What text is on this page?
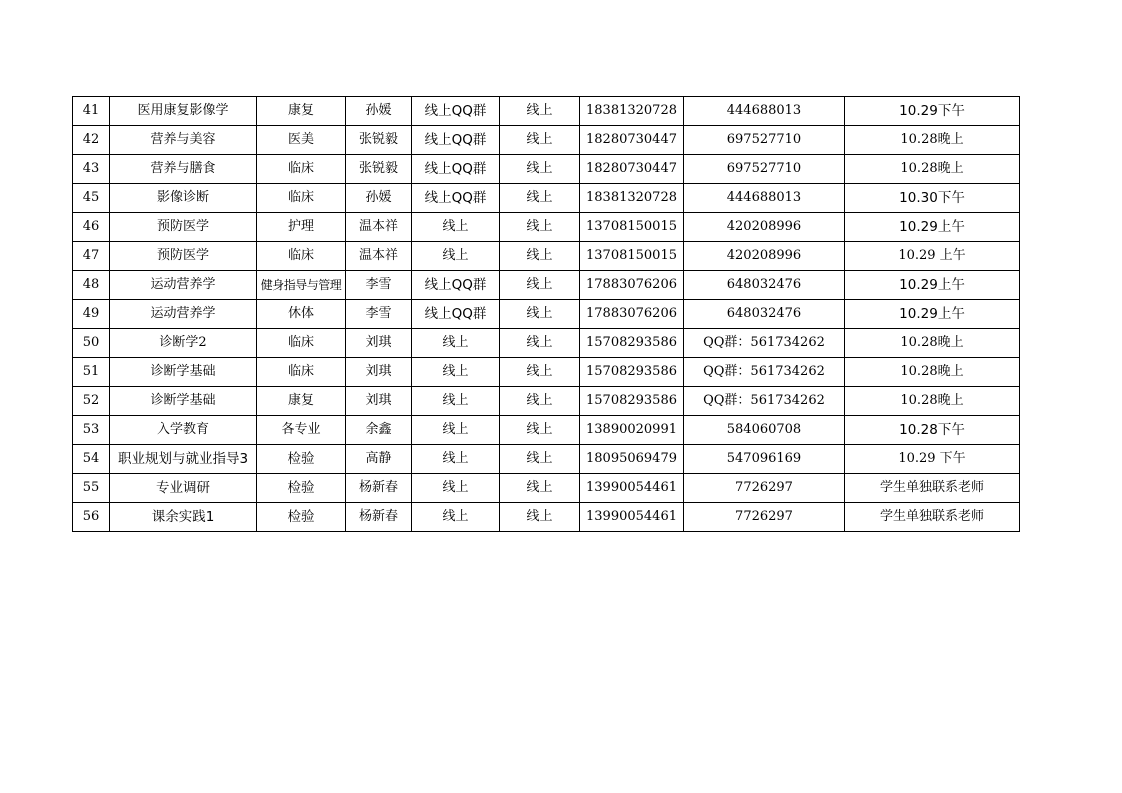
41	医用康复影像学	康复	孙媛	线上QQ群	线上	18381320728	444688013	10.29下午
42	营养与美容	医美	张锐毅	线上QQ群	线上	18280730447	697527710	10.28晚上
43	营养与膳食	临床	张锐毅	线上QQ群	线上	18280730447	697527710	10.28晚上
45	影像诊断	临床	孙媛	线上QQ群	线上	18381320728	444688013	10.30下午
46	预防医学	护理	温本祥	线上	线上	13708150015	420208996	10.29上午
47	预防医学	临床	温本祥	线上	线上	13708150015	420208996	10.29 上午
48	运动营养学	健身指导与管理	李雪	线上QQ群	线上	17883076206	648032476	10.29上午
49	运动营养学	休体	李雪	线上QQ群	线上	17883076206	648032476	10.29上午
50	诊断学2	临床	刘琪	线上	线上	15708293586	QQ群：561734262	10.28晚上
51	诊断学基础	临床	刘琪	线上	线上	15708293586	QQ群：561734262	10.28晚上
52	诊断学基础	康复	刘琪	线上	线上	15708293586	QQ群：561734262	10.28晚上
53	入学教育	各专业	余鑫	线上	线上	13890020991	584060708	10.28下午
54	职业规划与就业指导3	检验	高静	线上	线上	18095069479	547096169	10.29 下午
55	专业调研	检验	杨新春	线上	线上	13990054461	7726297	学生单独联系老师
56	课余实践1	检验	杨新春	线上	线上	13990054461	7726297	学生单独联系老师
